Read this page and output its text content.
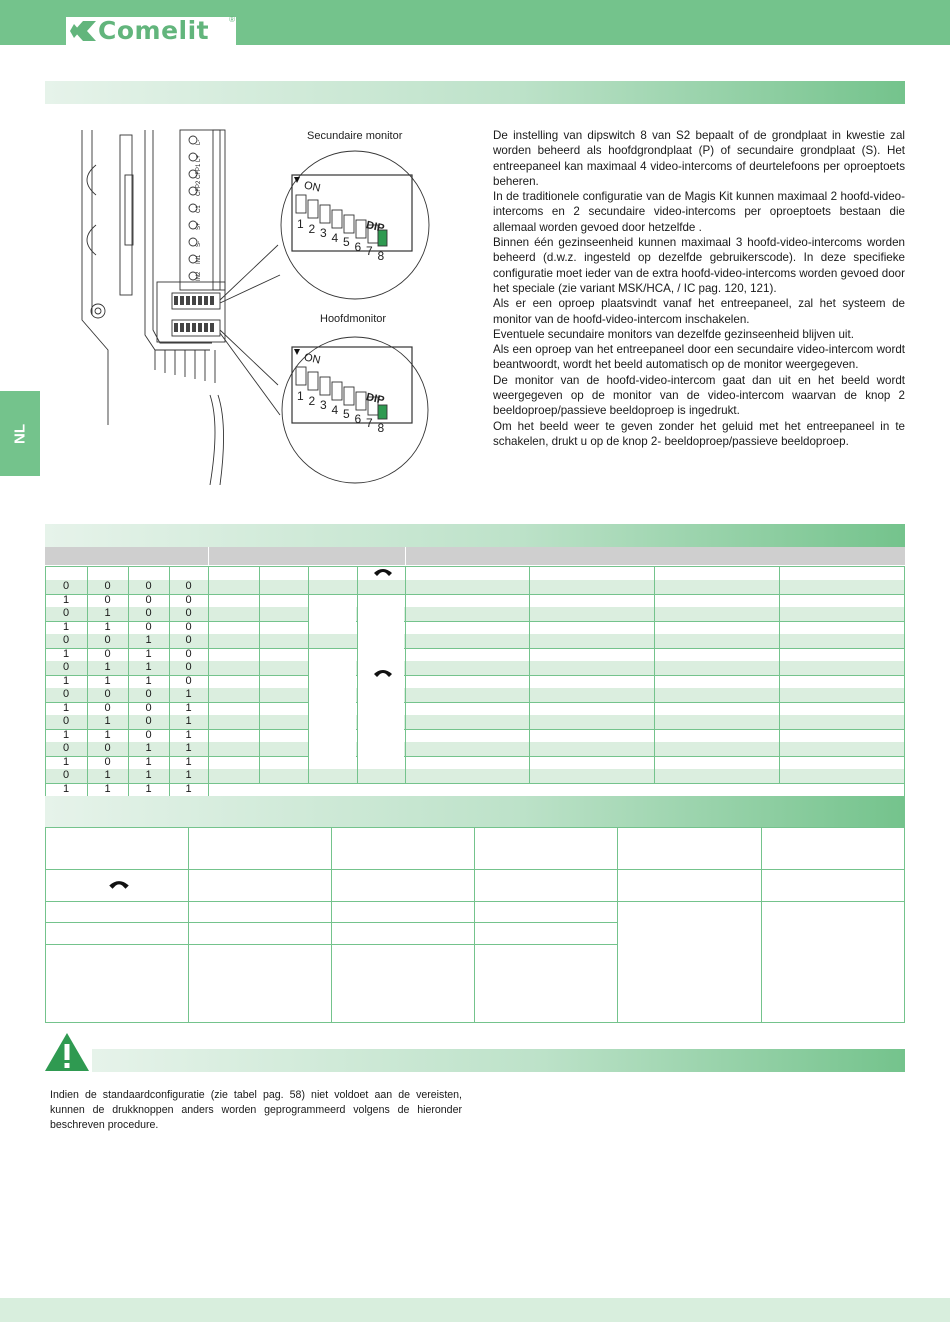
Comelit ®
NL
Secundaire monitor
Hoofdmonitor
ON
DIP
ON
DIP
1 2 3 4 5 6 7 8
1 2 3 4 5 6 7 8
L-
L+
CFP1
CFP2
C1
S+
S-
IN1
IN2

De instelling van dipswitch 8 van S2 bepaalt of de grondplaat in kwestie zal worden beheerd als hoofdgrondplaat (P) of secundaire grondplaat (S). Het entreepaneel kan maximaal 4 video-intercoms of deurtelefoons per oproeptoets beheren.

In de traditionele configuratie van de Magis Kit kunnen maximaal 2 hoofd-video-intercoms en 2 secundaire video-intercoms per oproeptoets bestaan die allemaal worden gevoed door hetzelfde .

Binnen één gezinseenheid kunnen maximaal 3 hoofd-video-intercoms worden beheerd (d.w.z. ingesteld op dezelfde gebruikerscode). In deze specifieke configuratie moet ieder van de extra hoofd-video-intercoms worden gevoed door het speciale (zie variant MSK/HCA, / IC pag. 120, 121).

Als er een oproep plaatsvindt vanaf het entreepaneel, zal het systeem de monitor van de hoofd-video-intercom inschakelen.

Eventuele secundaire monitors van dezelfde gezinseenheid blijven uit.

Als een oproep van het entreepaneel door een secundaire video-intercom wordt beantwoordt, wordt het beeld automatisch op de monitor weergegeven.

De monitor van de hoofd-video-intercom gaat dan uit en het beeld wordt weergegeven op de monitor van de video-intercom waarvan de knop 2 beeldoproep/passieve beeldoproep is ingedrukt.

Om het beeld weer te geven zonder het geluid met het entreepaneel in te schakelen, drukt u op de knop 2- beeldoproep/passieve beeldoproep.

0	0	0	0
1	0	0	0
0	1	0	0
1	1	0	0
0	0	1	0
1	0	1	0
0	1	1	0
1	1	1	0
0	0	0	1
1	0	0	1
0	1	0	1
1	1	0	1
0	0	1	1
1	0	1	1
0	1	1	1
1	1	1	1
Indien de standaardconfiguratie (zie tabel pag. 58) niet voldoet aan de vereisten, kunnen de drukknoppen anders worden geprogrammeerd volgens de hieronder beschreven procedure.
